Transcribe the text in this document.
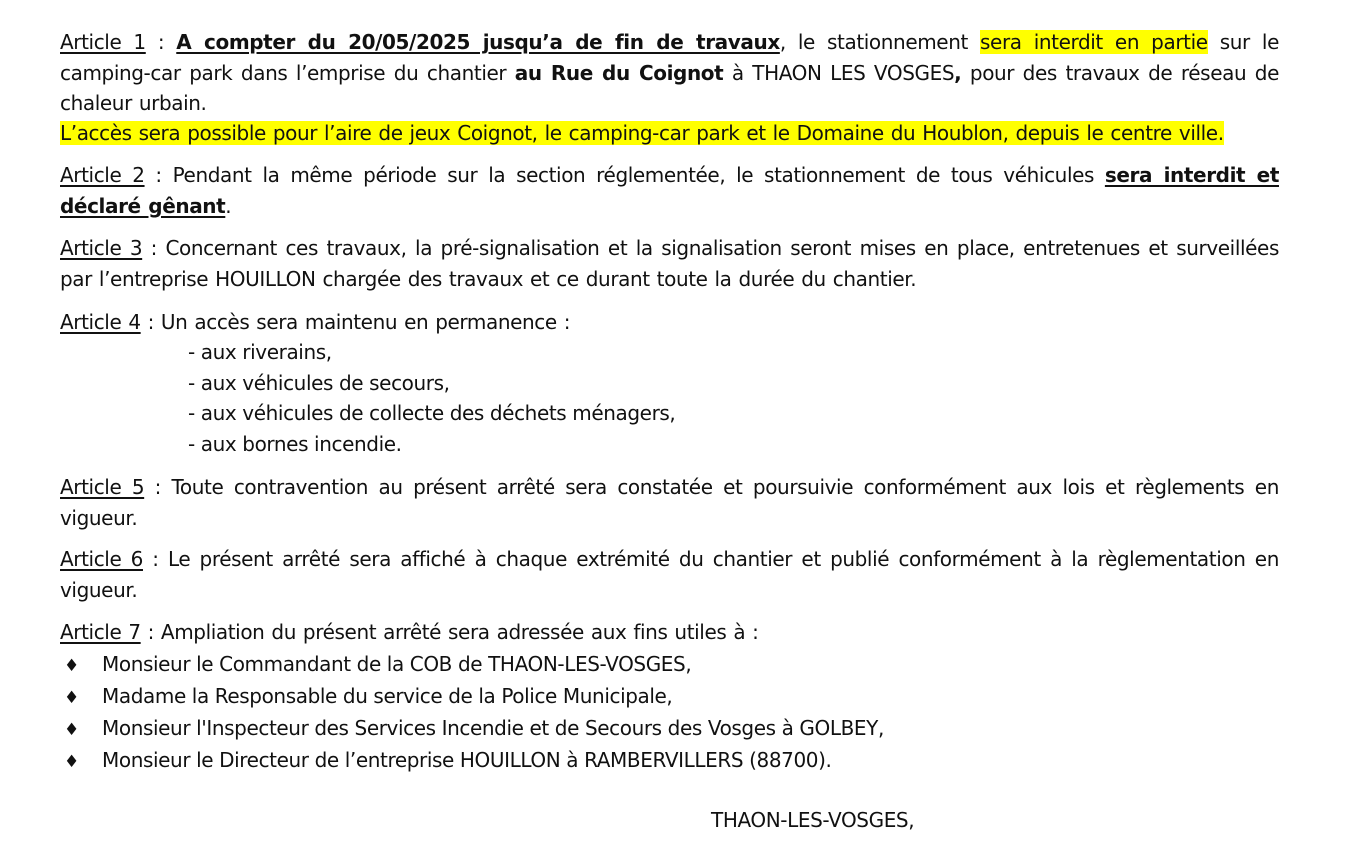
Article 1 : A compter du 20/05/2025 jusqu’a de fin de travaux, le stationnement sera interdit en partie sur le camping-car park dans l’emprise du chantier au Rue du Coignot à THAON LES VOSGES, pour des travaux de réseau de chaleur urbain.

L’accès sera possible pour l’aire de jeux Coignot, le camping-car park et le Domaine du Houblon, depuis le centre ville.

Article 2 : Pendant la même période sur la section réglementée, le stationnement de tous véhicules sera interdit et déclaré gênant.

Article 3 : Concernant ces travaux, la pré-signalisation et la signalisation seront mises en place, entretenues et surveillées par l’entreprise HOUILLON chargée des travaux et ce durant toute la durée du chantier.

Article 4 : Un accès sera maintenu en permanence :

- aux riverains,

- aux véhicules de secours,

- aux véhicules de collecte des déchets ménagers,

- aux bornes incendie.

Article 5 : Toute contravention au présent arrêté sera constatée et poursuivie conformément aux lois et règlements en vigueur.

Article 6 : Le présent arrêté sera affiché à chaque extrémité du chantier et publié conformément à la règlementation en vigueur.

Article 7 : Ampliation du présent arrêté sera adressée aux fins utiles à :

♦ Monsieur le Commandant de la COB de THAON-LES-VOSGES,

♦ Madame la Responsable du service de la Police Municipale,

♦ Monsieur l'Inspecteur des Services Incendie et de Secours des Vosges à GOLBEY,

♦ Monsieur le Directeur de l’entreprise HOUILLON à RAMBERVILLERS (88700).

THAON-LES-VOSGES,
